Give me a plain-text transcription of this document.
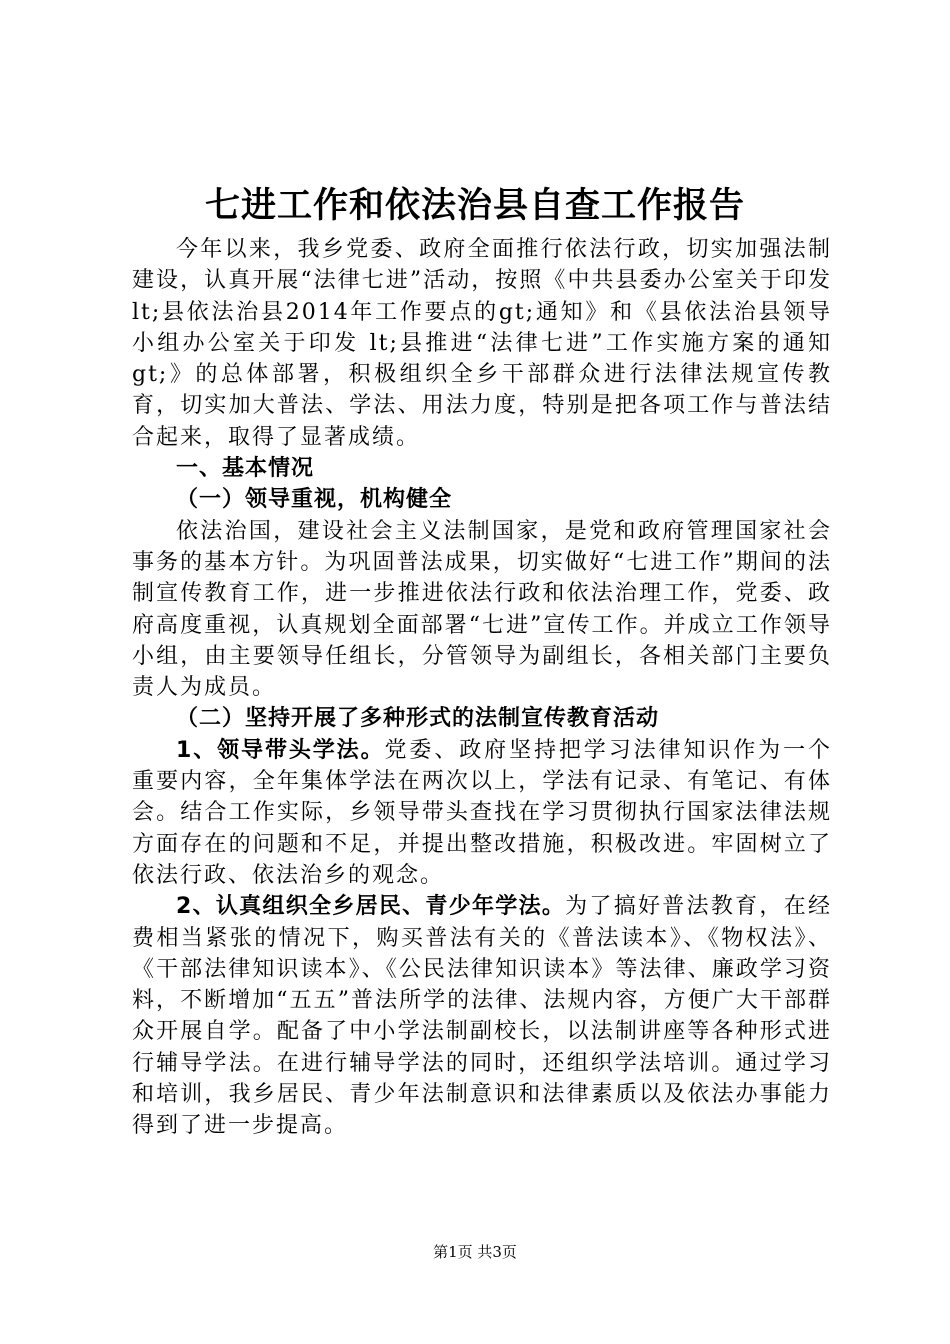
七进工作和依法治县自查工作报告

今年以来，我乡党委、政府全面推行依法行政，切实加强法制建设，认真开展“法律七进”活动，按照《中共县委办公室关于印发 lt;县依法治县2014年工作要点的gt;通知》和《县依法治县领导小组办公室关于印发 lt;县推进“法律七进”工作实施方案的通知gt;》的总体部署，积极组织全乡干部群众进行法律法规宣传教育，切实加大普法、学法、用法力度，特别是把各项工作与普法结合起来，取得了显著成绩。

一、基本情况

（一）领导重视，机构健全

依法治国，建设社会主义法制国家，是党和政府管理国家社会事务的基本方针。为巩固普法成果，切实做好“七进工作”期间的法制宣传教育工作，进一步推进依法行政和依法治理工作，党委、政府高度重视，认真规划全面部署“七进”宣传工作。并成立工作领导小组，由主要领导任组长，分管领导为副组长，各相关部门主要负责人为成员。

（二）坚持开展了多种形式的法制宣传教育活动

1、领导带头学法。党委、政府坚持把学习法律知识作为一个重要内容，全年集体学法在两次以上，学法有记录、有笔记、有体会。结合工作实际，乡领导带头查找在学习贯彻执行国家法律法规方面存在的问题和不足，并提出整改措施，积极改进。牢固树立了依法行政、依法治乡的观念。

2、认真组织全乡居民、青少年学法。为了搞好普法教育，在经费相当紧张的情况下，购买普法有关的《普法读本》、《物权法》、《干部法律知识读本》、《公民法律知识读本》等法律、廉政学习资料，不断增加“五五”普法所学的法律、法规内容，方便广大干部群众开展自学。配备了中小学法制副校长，以法制讲座等各种形式进行辅导学法。在进行辅导学法的同时，还组织学法培训。通过学习和培训，我乡居民、青少年法制意识和法律素质以及依法办事能力得到了进一步提高。

第1页 共3页
